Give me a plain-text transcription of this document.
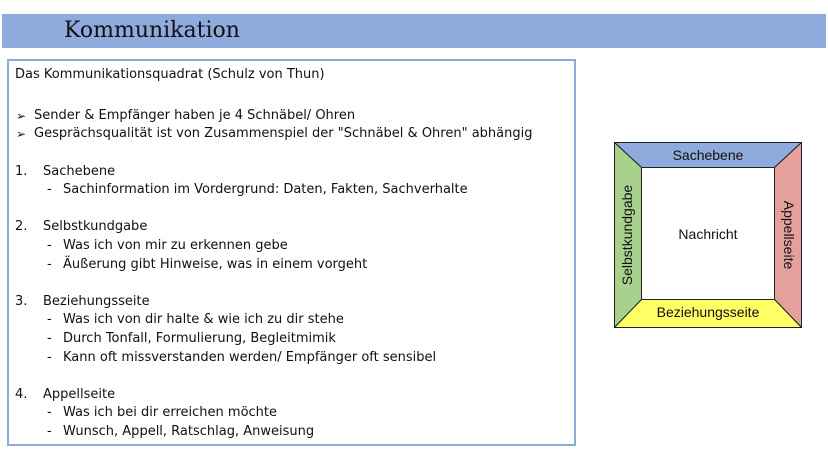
Kommunikation
Das Kommunikationsquadrat (Schulz von Thun)
➢ Sender & Empfänger haben je 4 Schnäbel/ Ohren
➢ Gesprächsqualität ist von Zusammenspiel der "Schnäbel & Ohren" abhängig
1. Sachebene
- Sachinformation im Vordergrund: Daten, Fakten, Sachverhalte
2. Selbstkundgabe
- Was ich von mir zu erkennen gebe
- Äußerung gibt Hinweise, was in einem vorgeht
3. Beziehungsseite
- Was ich von dir halte & wie ich zu dir stehe
- Durch Tonfall, Formulierung, Begleitmimik
- Kann oft missverstanden werden/ Empfänger oft sensibel
4. Appellseite
- Was ich bei dir erreichen möchte
- Wunsch, Appell, Ratschlag, Anweisung
Sachebene
Selbstkundgabe	Appellseite
Beziehungsseite
Nachricht
